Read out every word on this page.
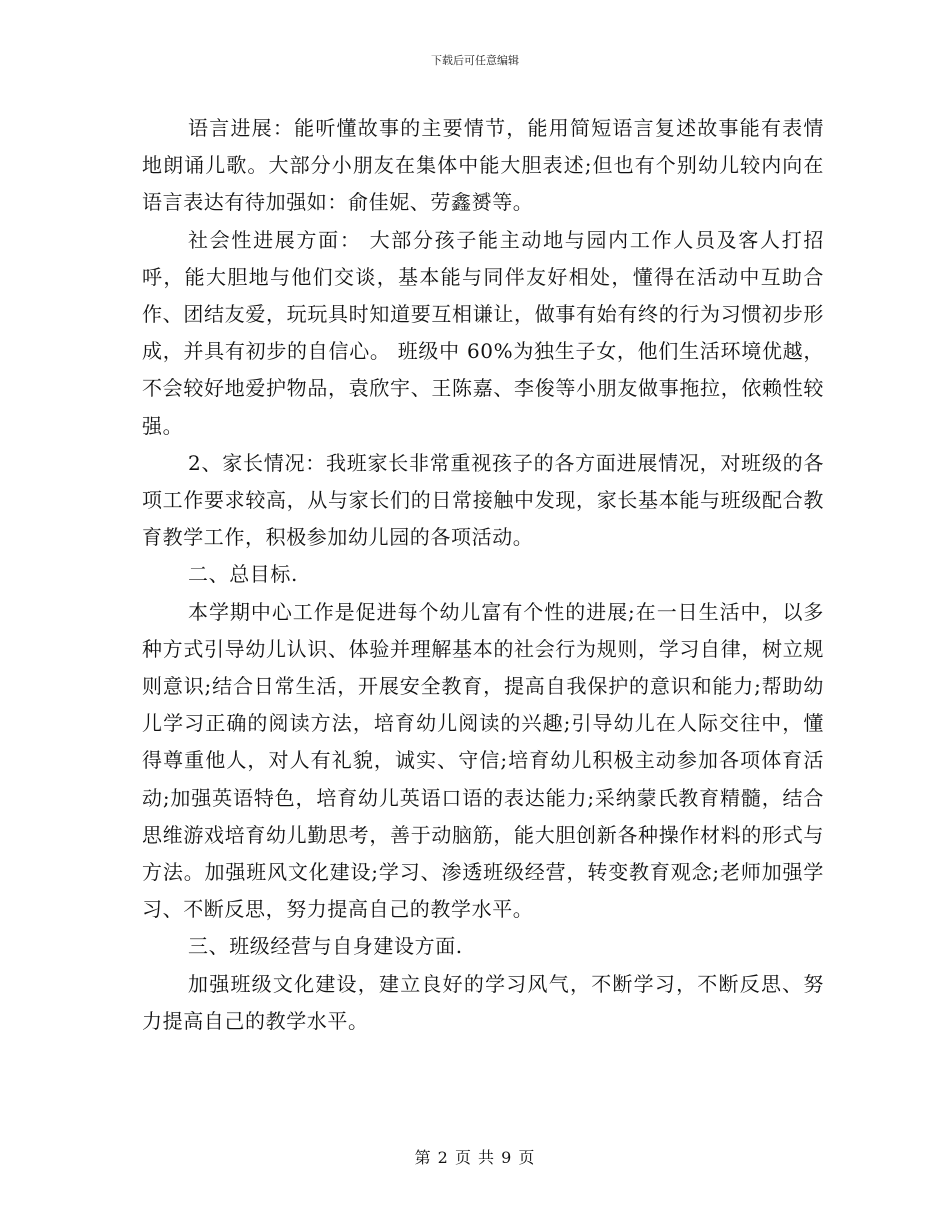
下载后可任意编辑

语言进展：能听懂故事的主要情节，能用简短语言复述故事能有表情地朗诵儿歌。大部分小朋友在集体中能大胆表述;但也有个别幼儿较内向在语言表达有待加强如：俞佳妮、劳鑫赟等。

社会性进展方面： 大部分孩子能主动地与园内工作人员及客人打招呼，能大胆地与他们交谈，基本能与同伴友好相处，懂得在活动中互助合作、团结友爱，玩玩具时知道要互相谦让，做事有始有终的行为习惯初步形成，并具有初步的自信心。 班级中 60%为独生子女，他们生活环境优越，不会较好地爱护物品，袁欣宇、王陈嘉、李俊等小朋友做事拖拉，依赖性较强。

2、家长情况：我班家长非常重视孩子的各方面进展情况，对班级的各项工作要求较高，从与家长们的日常接触中发现，家长基本能与班级配合教育教学工作，积极参加幼儿园的各项活动。

二、总目标.

本学期中心工作是促进每个幼儿富有个性的进展;在一日生活中，以多种方式引导幼儿认识、体验并理解基本的社会行为规则，学习自律，树立规则意识;结合日常生活，开展安全教育，提高自我保护的意识和能力;帮助幼儿学习正确的阅读方法，培育幼儿阅读的兴趣;引导幼儿在人际交往中，懂得尊重他人，对人有礼貌，诚实、守信;培育幼儿积极主动参加各项体育活动;加强英语特色，培育幼儿英语口语的表达能力;采纳蒙氏教育精髓，结合思维游戏培育幼儿勤思考，善于动脑筋，能大胆创新各种操作材料的形式与方法。加强班风文化建设;学习、渗透班级经营，转变教育观念;老师加强学习、不断反思，努力提高自己的教学水平。

三、班级经营与自身建设方面.

加强班级文化建设，建立良好的学习风气，不断学习，不断反思、努力提高自己的教学水平。

第 2 页 共 9 页
